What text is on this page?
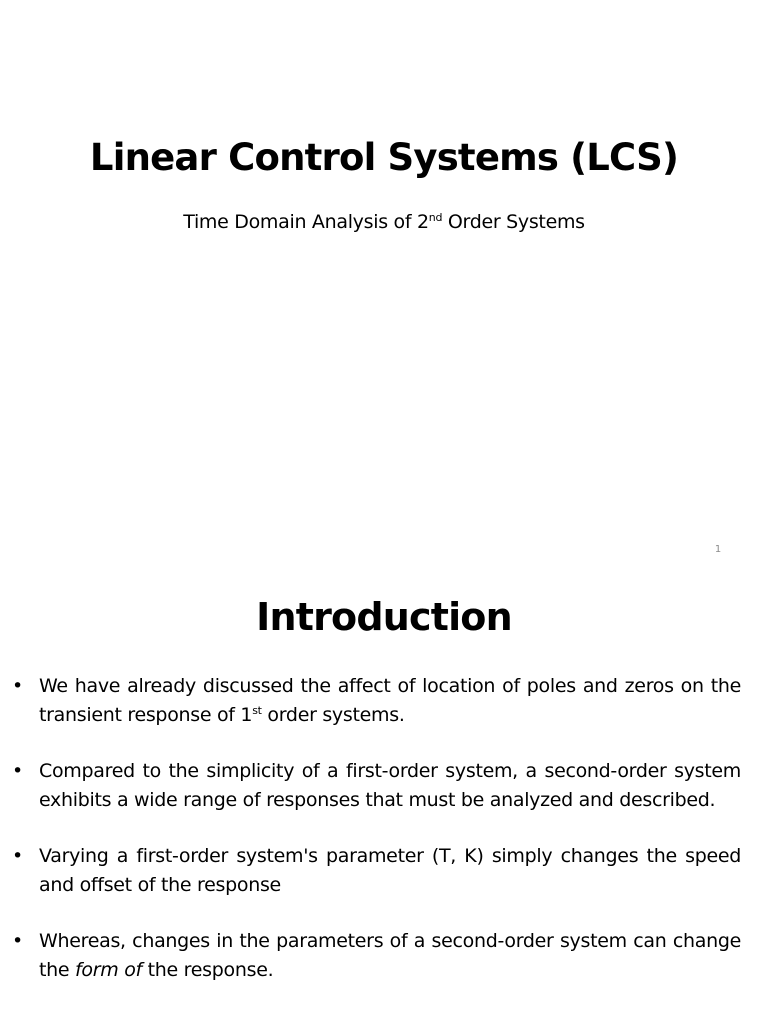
Linear Control Systems (LCS)
Time Domain Analysis of 2nd Order Systems
1
Introduction
• We have already discussed the affect of location of poles and zeros on the transient response of 1st order systems.
• Compared to the simplicity of a first-order system, a second-order system exhibits a wide range of responses that must be analyzed and described.
• Varying a first-order system's parameter (T, K) simply changes the speed and offset of the response
• Whereas, changes in the parameters of a second-order system can change the form of the response.
